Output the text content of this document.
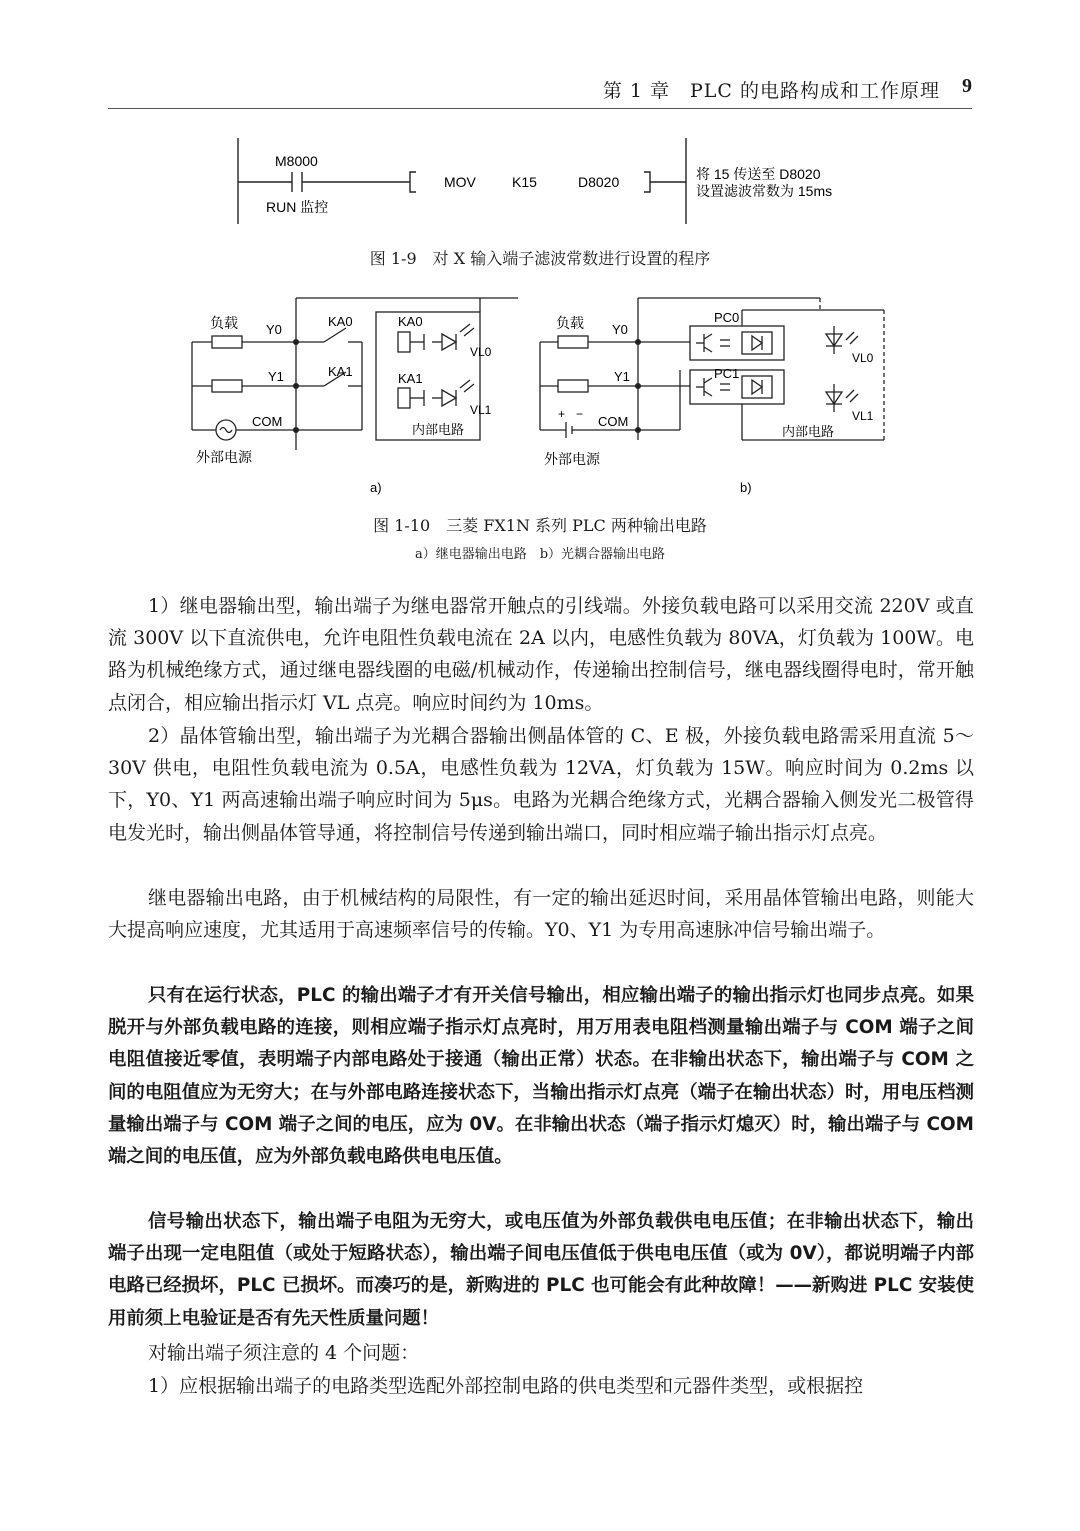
第 1 章　PLC 的电路构成和工作原理 9
M8000
RUN 监控
MOV	K15	D8020	将 15 传送至 D8020
设置滤波常数为 15ms
图 1-9　对 X 输入端子滤波常数进行设置的程序
负载 Y0
Y1
COM
KA0
KA1
KA0
KA1
VL0
VL1
内部电路
外部电源
a)
负载 Y0
Y1
COM
+ −
PC0
PC1
VL0
VL1
内部电路
外部电源
b)
图 1-10　三菱 FX1N 系列 PLC 两种输出电路
a）继电器输出电路　b）光耦合器输出电路
1）继电器输出型，输出端子为继电器常开触点的引线端。外接负载电路可以采用交流 220V 或直流 300V 以下直流供电，允许电阻性负载电流在 2A 以内，电感性负载为 80VA，灯负载为 100W。电路为机械绝缘方式，通过继电器线圈的电磁/机械动作，传递输出控制信号，继电器线圈得电时，常开触点闭合，相应输出指示灯 VL 点亮。响应时间约为 10ms。
2）晶体管输出型，输出端子为光耦合器输出侧晶体管的 C、E 极，外接负载电路需采用直流 5～30V 供电，电阻性负载电流为 0.5A，电感性负载为 12VA，灯负载为 15W。响应时间为 0.2ms 以下，Y0、Y1 两高速输出端子响应时间为 5μs。电路为光耦合绝缘方式，光耦合器输入侧发光二极管得电发光时，输出侧晶体管导通，将控制信号传递到输出端口，同时相应端子输出指示灯点亮。
继电器输出电路，由于机械结构的局限性，有一定的输出延迟时间，采用晶体管输出电路，则能大大提高响应速度，尤其适用于高速频率信号的传输。Y0、Y1 为专用高速脉冲信号输出端子。
只有在运行状态，PLC 的输出端子才有开关信号输出，相应输出端子的输出指示灯也同步点亮。如果脱开与外部负载电路的连接，则相应端子指示灯点亮时，用万用表电阻档测量输出端子与 COM 端子之间电阻值接近零值，表明端子内部电路处于接通（输出正常）状态。在非输出状态下，输出端子与 COM 之间的电阻值应为无穷大；在与外部电路连接状态下，当输出指示灯点亮（端子在输出状态）时，用电压档测量输出端子与 COM 端子之间的电压，应为 0V。在非输出状态（端子指示灯熄灭）时，输出端子与 COM 端之间的电压值，应为外部负载电路供电电压值。
信号输出状态下，输出端子电阻为无穷大，或电压值为外部负载供电电压值；在非输出状态下，输出端子出现一定电阻值（或处于短路状态），输出端子间电压值低于供电电压值（或为 0V），都说明端子内部电路已经损坏，PLC 已损坏。而凑巧的是，新购进的 PLC 也可能会有此种故障！——新购进 PLC 安装使用前须上电验证是否有先天性质量问题！
对输出端子须注意的 4 个问题：
1）应根据输出端子的电路类型选配外部控制电路的供电类型和元器件类型，或根据控
